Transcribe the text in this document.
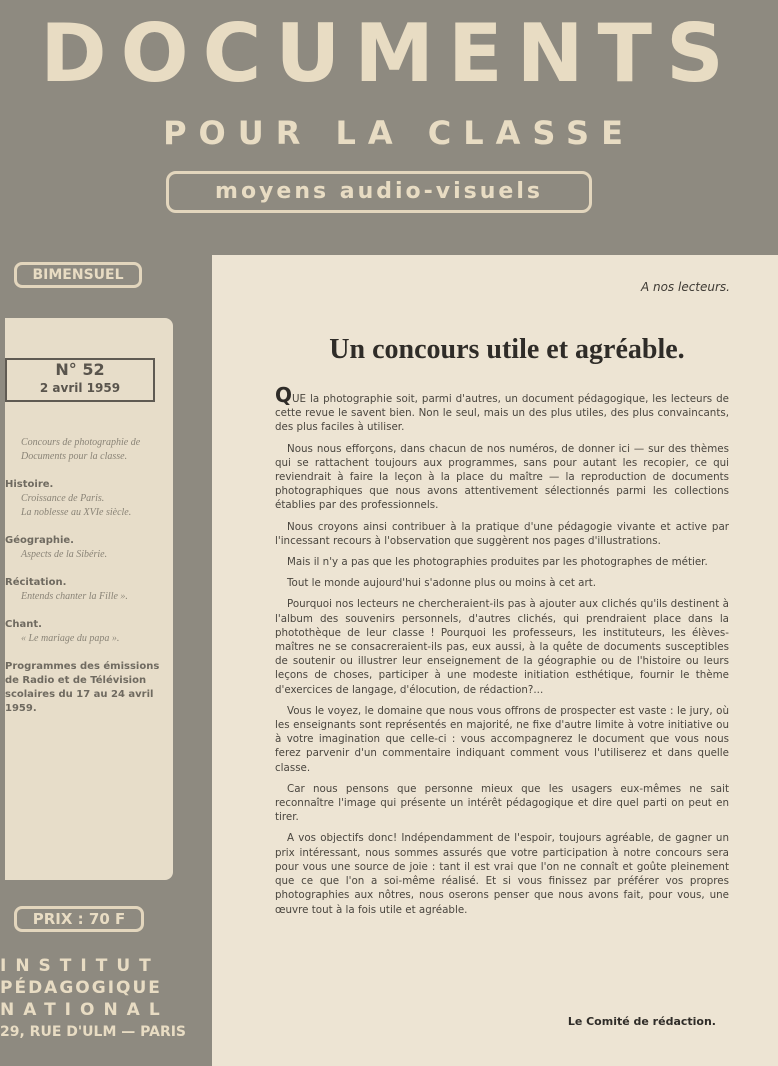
DOCUMENTS
POUR LA CLASSE
moyens audio-visuels
BIMENSUEL
N° 52
2 avril 1959
Concours de photographie de Documents pour la classe.
Histoire.
Croissance de Paris.
La noblesse au XVIe siècle.
Géographie.
Aspects de la Sibérie.
Récitation.
Entends chanter la Fille ».
Chant.
« Le mariage du papa ».
Programmes des émissions de Radio et de Télévision scolaires du 17 au 24 avril 1959.
PRIX : 70 F
INSTITUT
PÉDAGOGIQUE
NATIONAL
29, RUE D'ULM — PARIS
A nos lecteurs.
Un concours utile et agréable.

QUE la photographie soit, parmi d'autres, un document pédagogique, les lecteurs de cette revue le savent bien. Non le seul, mais un des plus utiles, des plus convaincants, des plus faciles à utiliser.

Nous nous efforçons, dans chacun de nos numéros, de donner ici — sur des thèmes qui se rattachent toujours aux programmes, sans pour autant les recopier, ce qui reviendrait à faire la leçon à la place du maître — la reproduction de documents photographiques que nous avons attentivement sélectionnés parmi les collections établies par des professionnels.

Nous croyons ainsi contribuer à la pratique d'une pédagogie vivante et active par l'incessant recours à l'observation que suggèrent nos pages d'illustrations.

Mais il n'y a pas que les photographies produites par les photographes de métier.

Tout le monde aujourd'hui s'adonne plus ou moins à cet art.

Pourquoi nos lecteurs ne chercheraient-ils pas à ajouter aux clichés qu'ils destinent à l'album des souvenirs personnels, d'autres clichés, qui prendraient place dans la photothèque de leur classe ! Pourquoi les professeurs, les instituteurs, les élèves-maîtres ne se consacreraient-ils pas, eux aussi, à la quête de documents susceptibles de soutenir ou illustrer leur enseignement de la géographie ou de l'histoire ou leurs leçons de choses, participer à une modeste initiation esthétique, fournir le thème d'exercices de langage, d'élocution, de rédaction?...

Vous le voyez, le domaine que nous vous offrons de prospecter est vaste : le jury, où les enseignants sont représentés en majorité, ne fixe d'autre limite à votre initiative ou à votre imagination que celle-ci : vous accompagnerez le document que vous nous ferez parvenir d'un commentaire indiquant comment vous l'utiliserez et dans quelle classe.

Car nous pensons que personne mieux que les usagers eux-mêmes ne sait reconnaître l'image qui présente un intérêt pédagogique et dire quel parti on peut en tirer.

A vos objectifs donc! Indépendamment de l'espoir, toujours agréable, de gagner un prix intéressant, nous sommes assurés que votre participation à notre concours sera pour vous une source de joie : tant il est vrai que l'on ne connaît et goûte pleinement que ce que l'on a soi-même réalisé. Et si vous finissez par préférer vos propres photographies aux nôtres, nous oserons penser que nous avons fait, pour vous, une œuvre tout à la fois utile et agréable.

Le Comité de rédaction.
